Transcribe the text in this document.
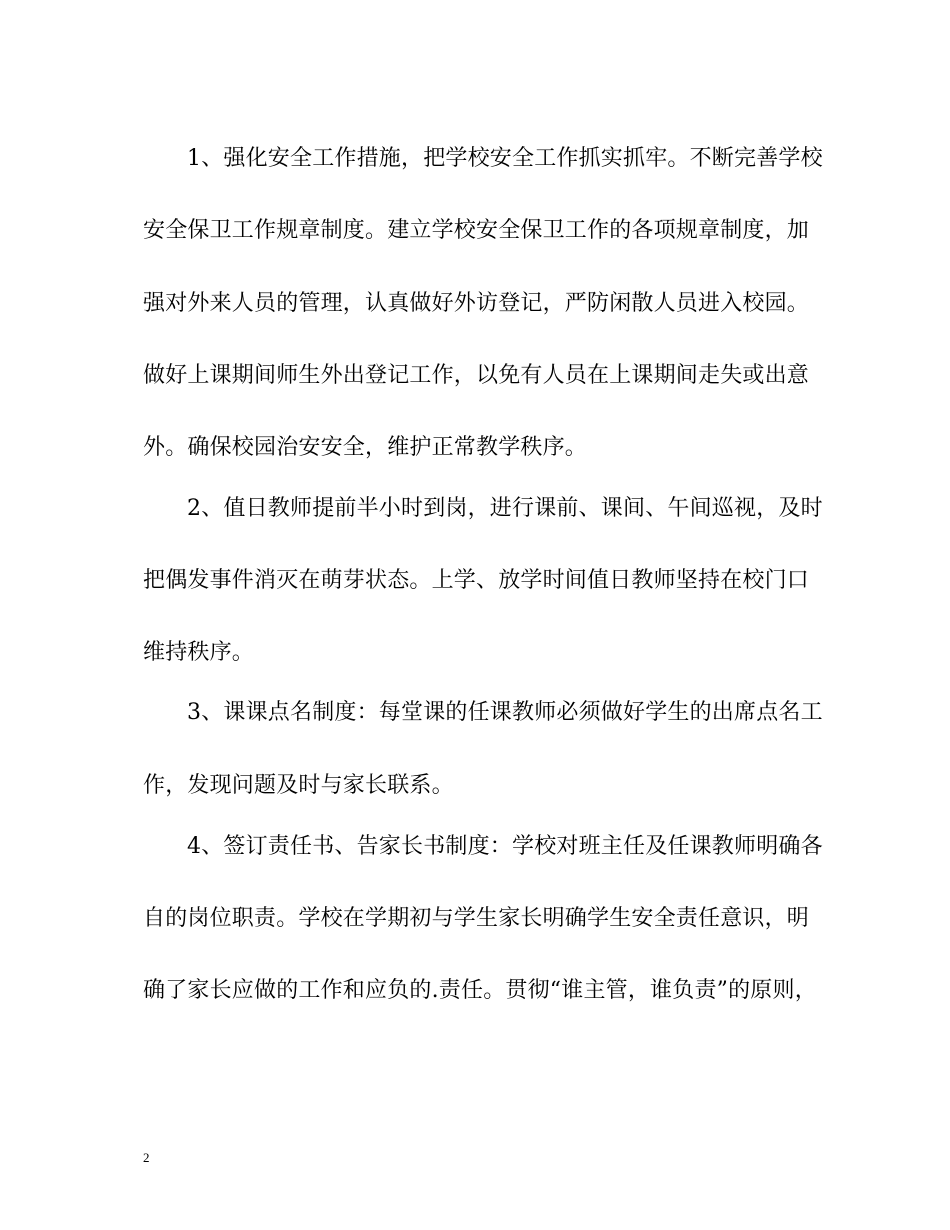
1、强化安全工作措施，把学校安全工作抓实抓牢。不断完善学校
安全保卫工作规章制度。建立学校安全保卫工作的各项规章制度，加
强对外来人员的管理，认真做好外访登记，严防闲散人员进入校园。
做好上课期间师生外出登记工作，以免有人员在上课期间走失或出意
外。确保校园治安安全，维护正常教学秩序。
2、值日教师提前半小时到岗，进行课前、课间、午间巡视，及时
把偶发事件消灭在萌芽状态。上学、放学时间值日教师坚持在校门口
维持秩序。
3、课课点名制度：每堂课的任课教师必须做好学生的出席点名工
作，发现问题及时与家长联系。
4、签订责任书、告家长书制度：学校对班主任及任课教师明确各
自的岗位职责。学校在学期初与学生家长明确学生安全责任意识，明
确了家长应做的工作和应负的.责任。贯彻“谁主管，谁负责”的原则，
2
